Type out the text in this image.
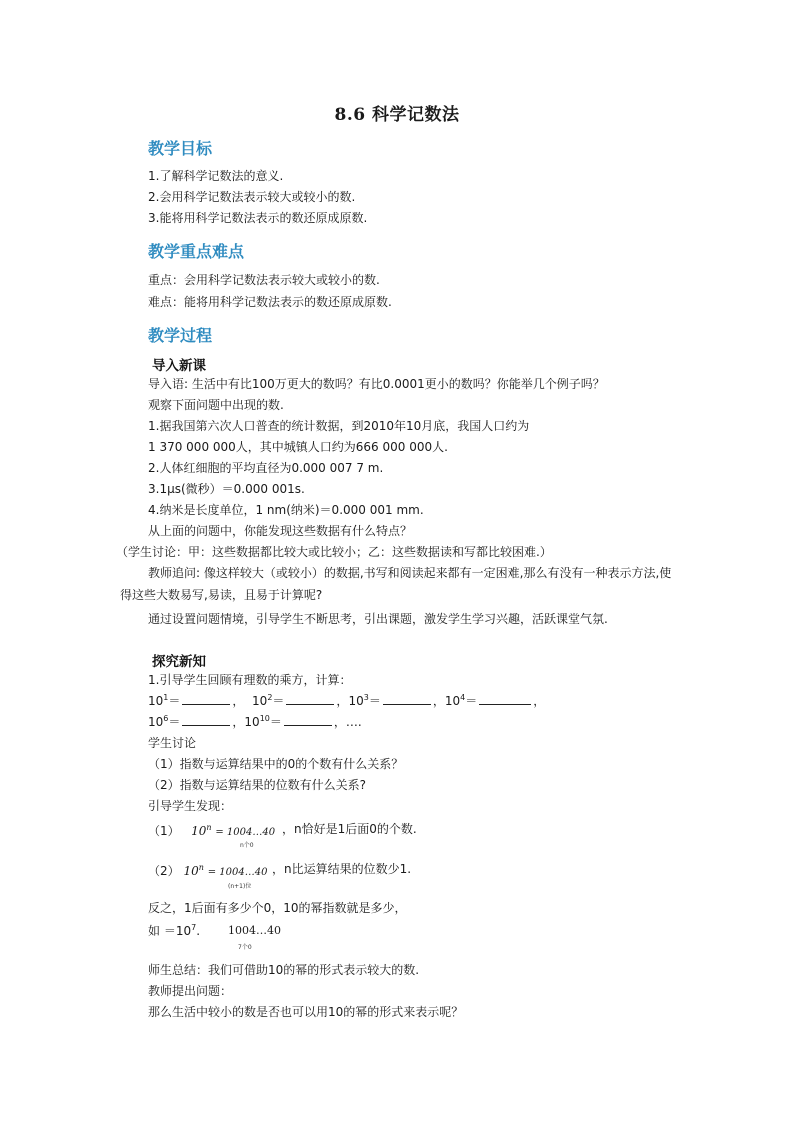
8.6 科学记数法
教学目标
1.了解科学记数法的意义.
2.会用科学记数法表示较大或较小的数.
3.能将用科学记数法表示的数还原成原数.
教学重点难点
重点：会用科学记数法表示较大或较小的数.
难点：能将用科学记数法表示的数还原成原数.
教学过程
导入新课
导入语: 生活中有比100万更大的数吗？有比0.0001更小的数吗？你能举几个例子吗？
观察下面问题中出现的数.
1.据我国第六次人口普查的统计数据，到2010年10月底，我国人口约为
1 370 000 000人，其中城镇人口约为666 000 000人.
2.人体红细胞的平均直径为0.000 007 7 m.
3.1μs(微秒）＝0.000 001s.
4.纳米是长度单位，1 nm(纳米)＝0.000 001 mm.
从上面的问题中，你能发现这些数据有什么特点？
（学生讨论：甲：这些数据都比较大或比较小；乙：这些数据读和写都比较困难.）
教师追问: 像这样较大（或较小）的数据,书写和阅读起来都有一定困难,那么有没有一种表示方法,使得这些大数易写,易读，且易于计算呢?
通过设置问题情境，引导学生不断思考，引出课题，激发学生学习兴趣，活跃课堂气氛.
探究新知
1.引导学生回顾有理数的乘方，计算：
$10^1=$	，  $10^2=$	，$10^3=$	，$10^4=$	，
$10^6=$	，$10^{10}=$	，….
学生讨论
（1）指数与运算结果中的0的个数有什么关系？
（2）指数与运算结果的位数有什么关系?
引导学生发现：
（1） $10^n$ = 1004…40 ，n恰好是1后面0的个数.
n个0
（2） $10^n$ = 1004…40 ，n比运算结果的位数少1.
(n+1)位
反之，1后面有多少个0，10的幂指数就是多少，
如 $=10^7$.	1004…40
7个0
师生总结：我们可借助10的幂的形式表示较大的数.
教师提出问题：
那么生活中较小的数是否也可以用10的幂的形式来表示呢？
